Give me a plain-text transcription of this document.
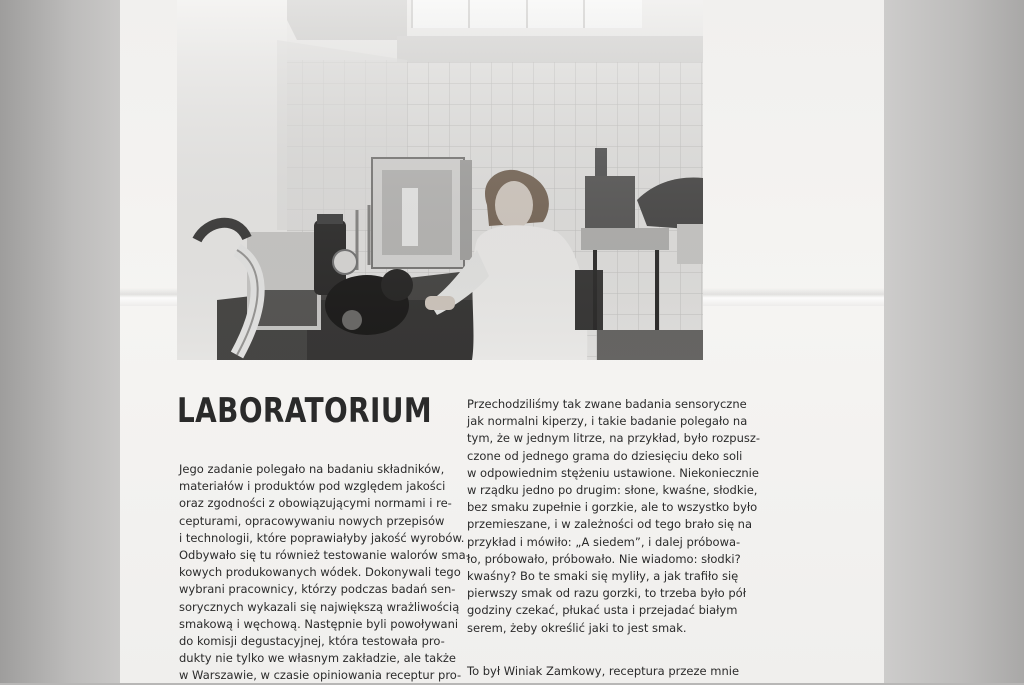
LABORATORIUM
Jego zadanie polegało na badaniu składników,
materiałów i produktów pod względem jakości
oraz zgodności z obowiązującymi normami i re-
cepturami, opracowywaniu nowych przepisów
i technologii, które poprawiałyby jakość wyrobów.
Odbywało się tu również testowanie walorów sma-
kowych produkowanych wódek. Dokonywali tego
wybrani pracownicy, którzy podczas badań sen-
sorycznych wykazali się największą wrażliwością
smakową i węchową. Następnie byli powoływani
do komisji degustacyjnej, która testowała pro-
dukty nie tylko we własnym zakładzie, ale także
w Warszawie, w czasie opiniowania receptur pro-
Przechodziliśmy tak zwane badania sensoryczne
jak normalni kiperzy, i takie badanie polegało na
tym, że w jednym litrze, na przykład, było rozpusz-
czone od jednego grama do dziesięciu deko soli
w odpowiednim stężeniu ustawione. Niekoniecznie
w rządku jedno po drugim: słone, kwaśne, słodkie,
bez smaku zupełnie i gorzkie, ale to wszystko było
przemieszane, i w zależności od tego brało się na
przykład i mówiło: „A siedem”, i dalej próbowa-
ło, próbowało, próbowało. Nie wiadomo: słodki?
kwaśny? Bo te smaki się myliły, a jak trafiło się
pierwszy smak od razu gorzki, to trzeba było pół
godziny czekać, płukać usta i przejadać białym
serem, żeby określić jaki to jest smak.
To był Winiak Zamkowy, receptura przeze mnie
